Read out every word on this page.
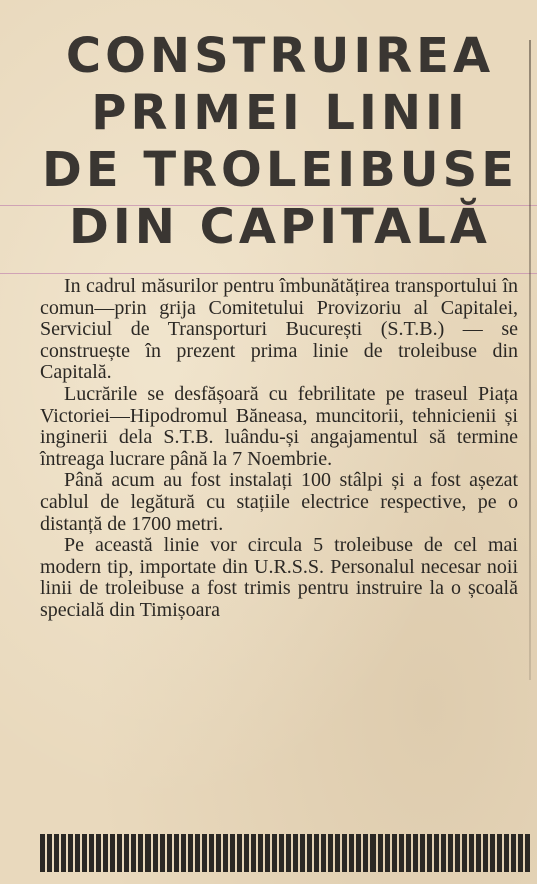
CONSTRUIREA
PRIMEI LINII
DE TROLEIBUSE
DIN CAPITALĂ

In cadrul măsurilor pentru îmbunătățirea transportului în comun—prin grija Comitetului Provizoriu al Capitalei, Serviciul de Transporturi București (S.T.B.) — se construește în prezent prima linie de troleibuse din Capitală.

Lucrările se desfășoară cu febrilitate pe traseul Piața Victoriei—Hipodromul Băneasa, muncitorii, tehnicienii și inginerii dela S.T.B. luându-și angajamentul să termine întreaga lucrare până la 7 Noembrie.

Până acum au fost instalați 100 stâlpi și a fost așezat cablul de legătură cu stațiile electrice respective, pe o distanță de 1700 metri.

Pe această linie vor circula 5 troleibuse de cel mai modern tip, importate din U.R.S.S. Personalul necesar noii linii de troleibuse a fost trimis pentru instruire la o școală specială din Timișoara
